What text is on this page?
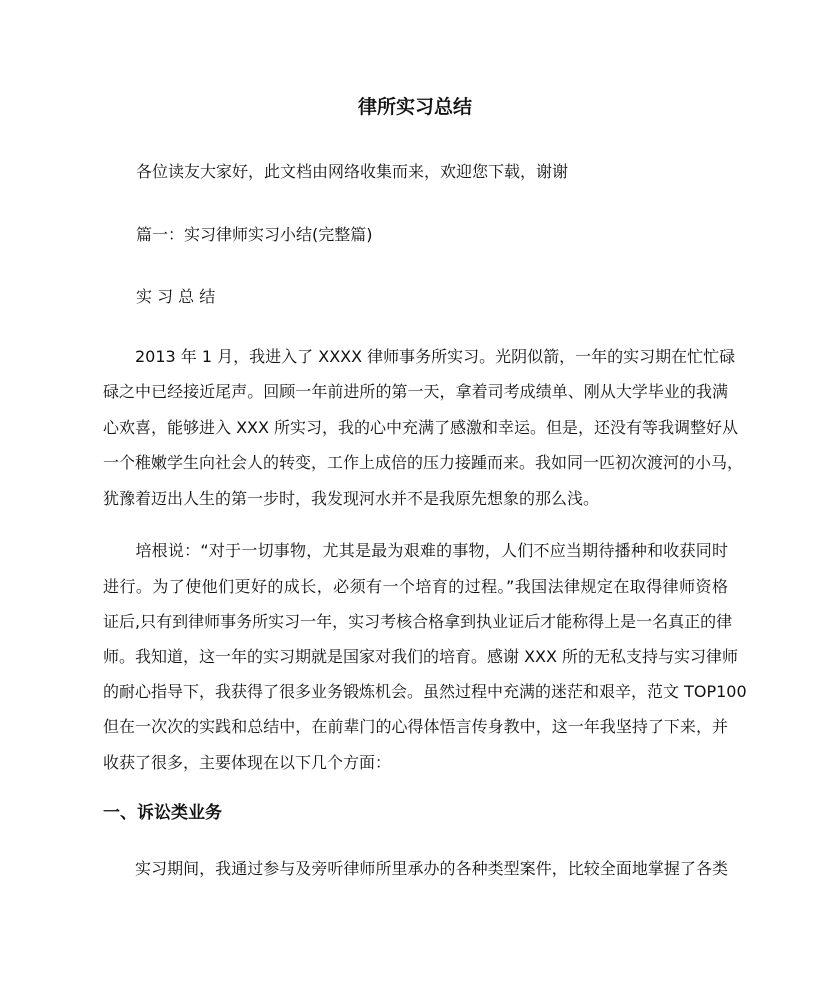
律所实习总结
各位读友大家好，此文档由网络收集而来，欢迎您下载，谢谢
篇一：实习律师实习小结(完整篇)
实 习 总 结
　　2013 年 1 月，我进入了 XXXX 律师事务所实习。光阴似箭，一年的实习期在忙忙碌
碌之中已经接近尾声。回顾一年前进所的第一天，拿着司考成绩单、刚从大学毕业的我满
心欢喜，能够进入 XXX 所实习，我的心中充满了感激和幸运。但是，还没有等我调整好从
一个稚嫩学生向社会人的转变，工作上成倍的压力接踵而来。我如同一匹初次渡河的小马，
犹豫着迈出人生的第一步时，我发现河水并不是我原先想象的那么浅。
　　培根说：“对于一切事物，尤其是最为艰难的事物，人们不应当期待播种和收获同时
进行。为了使他们更好的成长，必须有一个培育的过程。”我国法律规定在取得律师资格
证后,只有到律师事务所实习一年，实习考核合格拿到执业证后才能称得上是一名真正的律
师。我知道，这一年的实习期就是国家对我们的培育。感谢 XXX 所的无私支持与实习律师
的耐心指导下，我获得了很多业务锻炼机会。虽然过程中充满的迷茫和艰辛，范文 TOP100
但在一次次的实践和总结中，在前辈门的心得体悟言传身教中，这一年我坚持了下来，并
收获了很多，主要体现在以下几个方面：
一、诉讼类业务
　　实习期间，我通过参与及旁听律师所里承办的各种类型案件，比较全面地掌握了各类
